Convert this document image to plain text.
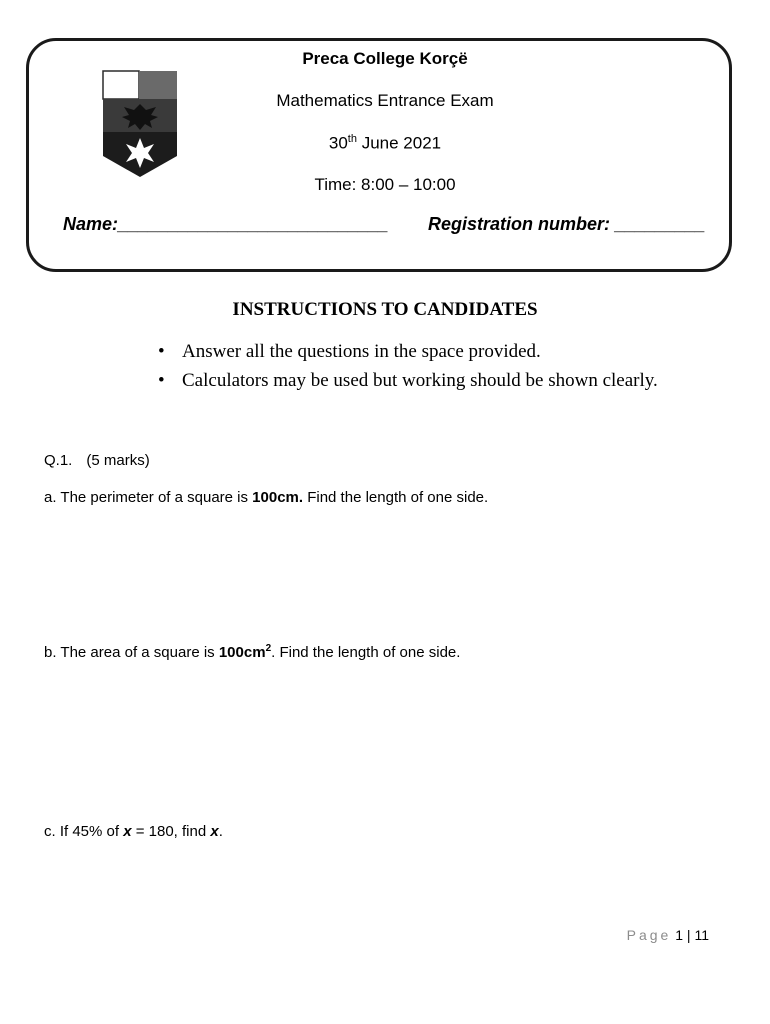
Preca College Korçë
Mathematics Entrance Exam
30th June 2021
Time: 8:00 – 10:00
Name:___________________________ Registration number: _________
INSTRUCTIONS TO CANDIDATES
• Answer all the questions in the space provided.
• Calculators may be used but working should be shown clearly.
Q.1. (5 marks)
a. The perimeter of a square is 100cm. Find the length of one side.
b. The area of a square is $100cm^2$. Find the length of one side.
c. If 45% of x = 180, find x.
Page 1 | 11
